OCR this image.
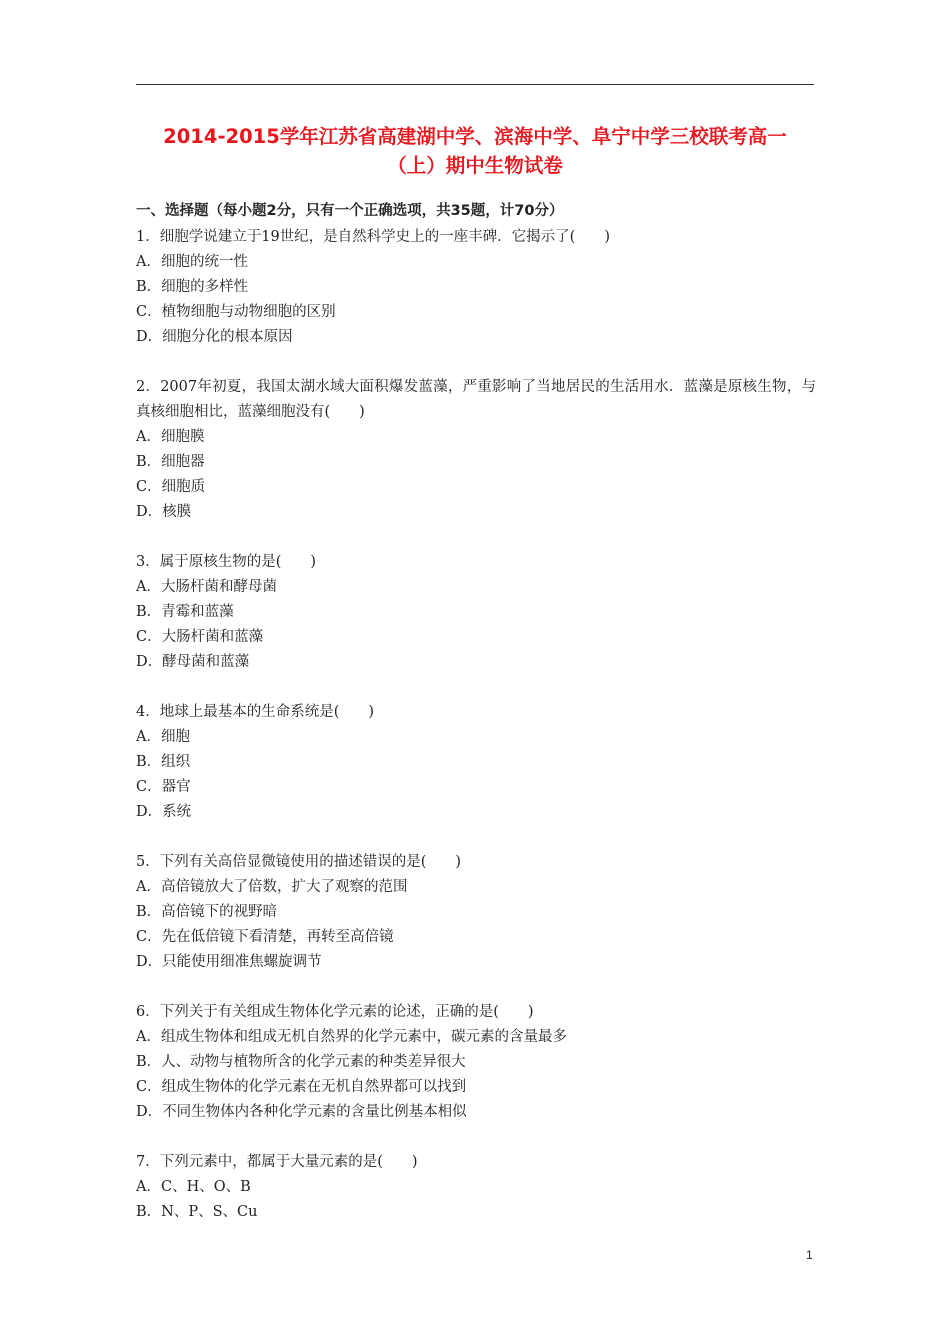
2014-2015学年江苏省高建湖中学、滨海中学、阜宁中学三校联考高一
（上）期中生物试卷
一、选择题（每小题2分，只有一个正确选项，共35题，计70分）
1．细胞学说建立于19世纪，是自然科学史上的一座丰碑．它揭示了(　　)
A．细胞的统一性
B．细胞的多样性
C．植物细胞与动物细胞的区别
D．细胞分化的根本原因
2．2007年初夏，我国太湖水域大面积爆发蓝藻，严重影响了当地居民的生活用水．蓝藻是原核生物，与真核细胞相比，蓝藻细胞没有(　　)
A．细胞膜
B．细胞器
C．细胞质
D．核膜
3．属于原核生物的是(　　)
A．大肠杆菌和酵母菌
B．青霉和蓝藻
C．大肠杆菌和蓝藻
D．酵母菌和蓝藻
4．地球上最基本的生命系统是(　　)
A．细胞
B．组织
C．器官
D．系统
5．下列有关高倍显微镜使用的描述错误的是(　　)
A．高倍镜放大了倍数，扩大了观察的范围
B．高倍镜下的视野暗
C．先在低倍镜下看清楚，再转至高倍镜
D．只能使用细准焦螺旋调节
6．下列关于有关组成生物体化学元素的论述，正确的是(　　)
A．组成生物体和组成无机自然界的化学元素中，碳元素的含量最多
B．人、动物与植物所含的化学元素的种类差异很大
C．组成生物体的化学元素在无机自然界都可以找到
D．不同生物体内各种化学元素的含量比例基本相似
7．下列元素中，都属于大量元素的是(　　)
A．C、H、O、B
B．N、P、S、Cu
1
